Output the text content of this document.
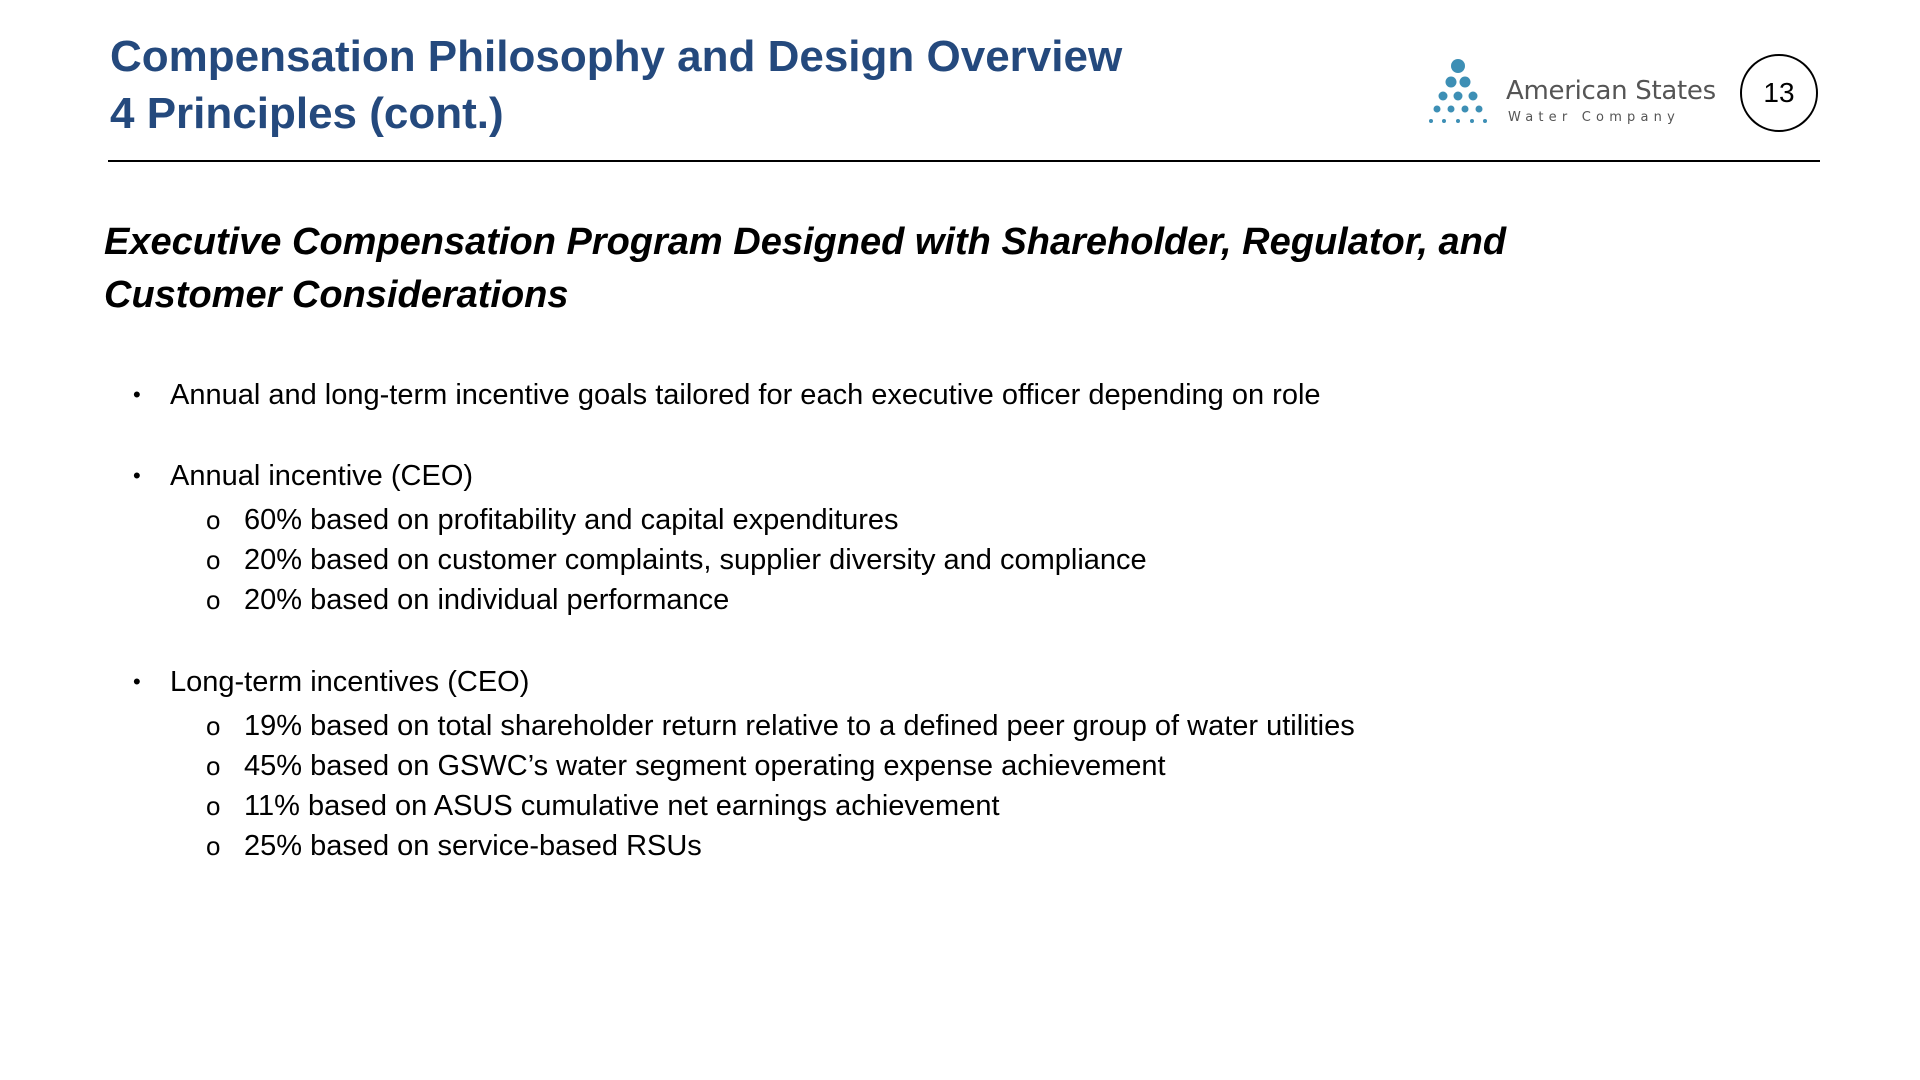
Compensation Philosophy and Design Overview
4 Principles (cont.)	American States
Water Company
13
Executive Compensation Program Designed with Shareholder, Regulator, and
Customer Considerations
• Annual and long-term incentive goals tailored for each executive officer depending on role
• Annual incentive (CEO)
o 60% based on profitability and capital expenditures
o 20% based on customer complaints, supplier diversity and compliance
o 20% based on individual performance
• Long-term incentives (CEO)
o 19% based on total shareholder return relative to a defined peer group of water utilities
o 45% based on GSWC’s water segment operating expense achievement
o 11% based on ASUS cumulative net earnings achievement
o 25% based on service-based RSUs
